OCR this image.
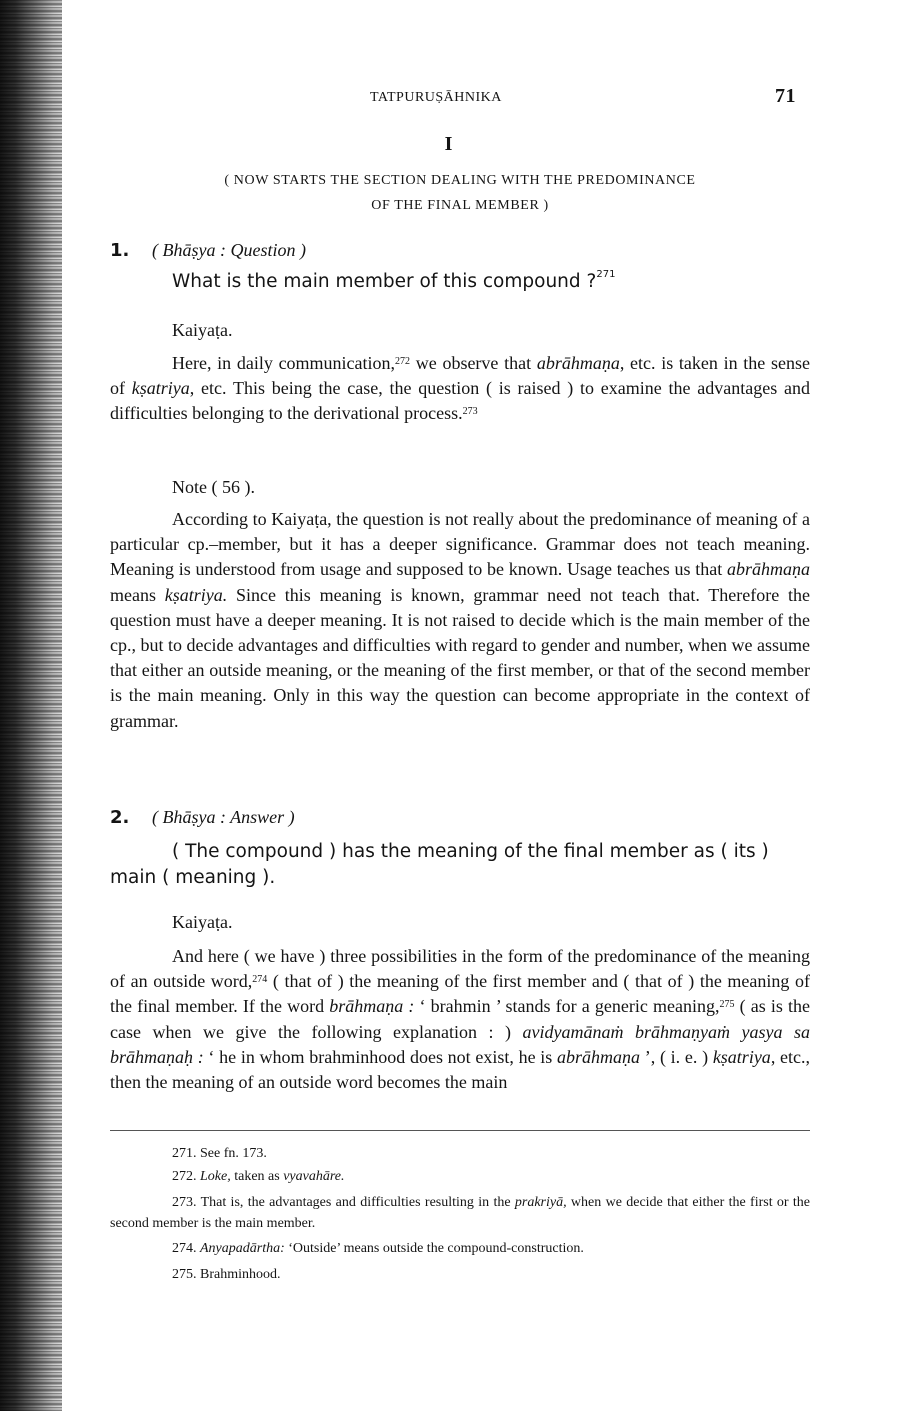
TATPURUṢĀHNIKA	71
I
( NOW STARTS THE SECTION DEALING WITH THE PREDOMINANCE
OF THE FINAL MEMBER )
1. ( Bhāṣya : Question )
What is the main member of this compound ?$^{271}$
Kaiyaṭa.
Here, in daily communication,$^{272}$ we observe that abrāhmaṇa, etc. is taken in the sense of kṣatriya, etc. This being the case, the question ( is raised ) to examine the advantages and difficulties belonging to the derivational process.$^{273}$
Note ( 56 ).
According to Kaiyaṭa, the question is not really about the predominance of meaning of a particular cp.–member, but it has a deeper significance. Grammar does not teach meaning. Meaning is understood from usage and supposed to be known. Usage teaches us that abrāhmaṇa means kṣatriya. Since this meaning is known, grammar need not teach that. Therefore the question must have a deeper meaning. It is not raised to decide which is the main member of the cp., but to decide advantages and difficulties with regard to gender and number, when we assume that either an outside meaning, or the meaning of the first member, or that of the second member is the main meaning. Only in this way the question can become appropriate in the context of grammar.
2. ( Bhāṣya : Answer )
( The compound ) has the meaning of the final member as ( its ) main ( meaning ).
Kaiyaṭa.
And here ( we have ) three possibilities in the form of the predominance of the meaning of an outside word,$^{274}$ ( that of ) the meaning of the first member and ( that of ) the meaning of the final member. If the word brāhmaṇa : ‘ brahmin ’ stands for a generic meaning,$^{275}$ ( as is the case when we give the following explanation : ) avidyamānaṁ brāhmaṇyaṁ yasya sa brāhmaṇaḥ : ‘ he in whom brahminhood does not exist, he is abrāhmaṇa ’, ( i. e. ) kṣatriya, etc., then the meaning of an outside word becomes the main
271. See fn. 173.
272. Loke, taken as vyavahāre.
273. That is, the advantages and difficulties resulting in the prakriyā, when we decide that either the first or the second member is the main member.
274. Anyapadārtha: ‘Outside’ means outside the compound-construction.
275. Brahminhood.
